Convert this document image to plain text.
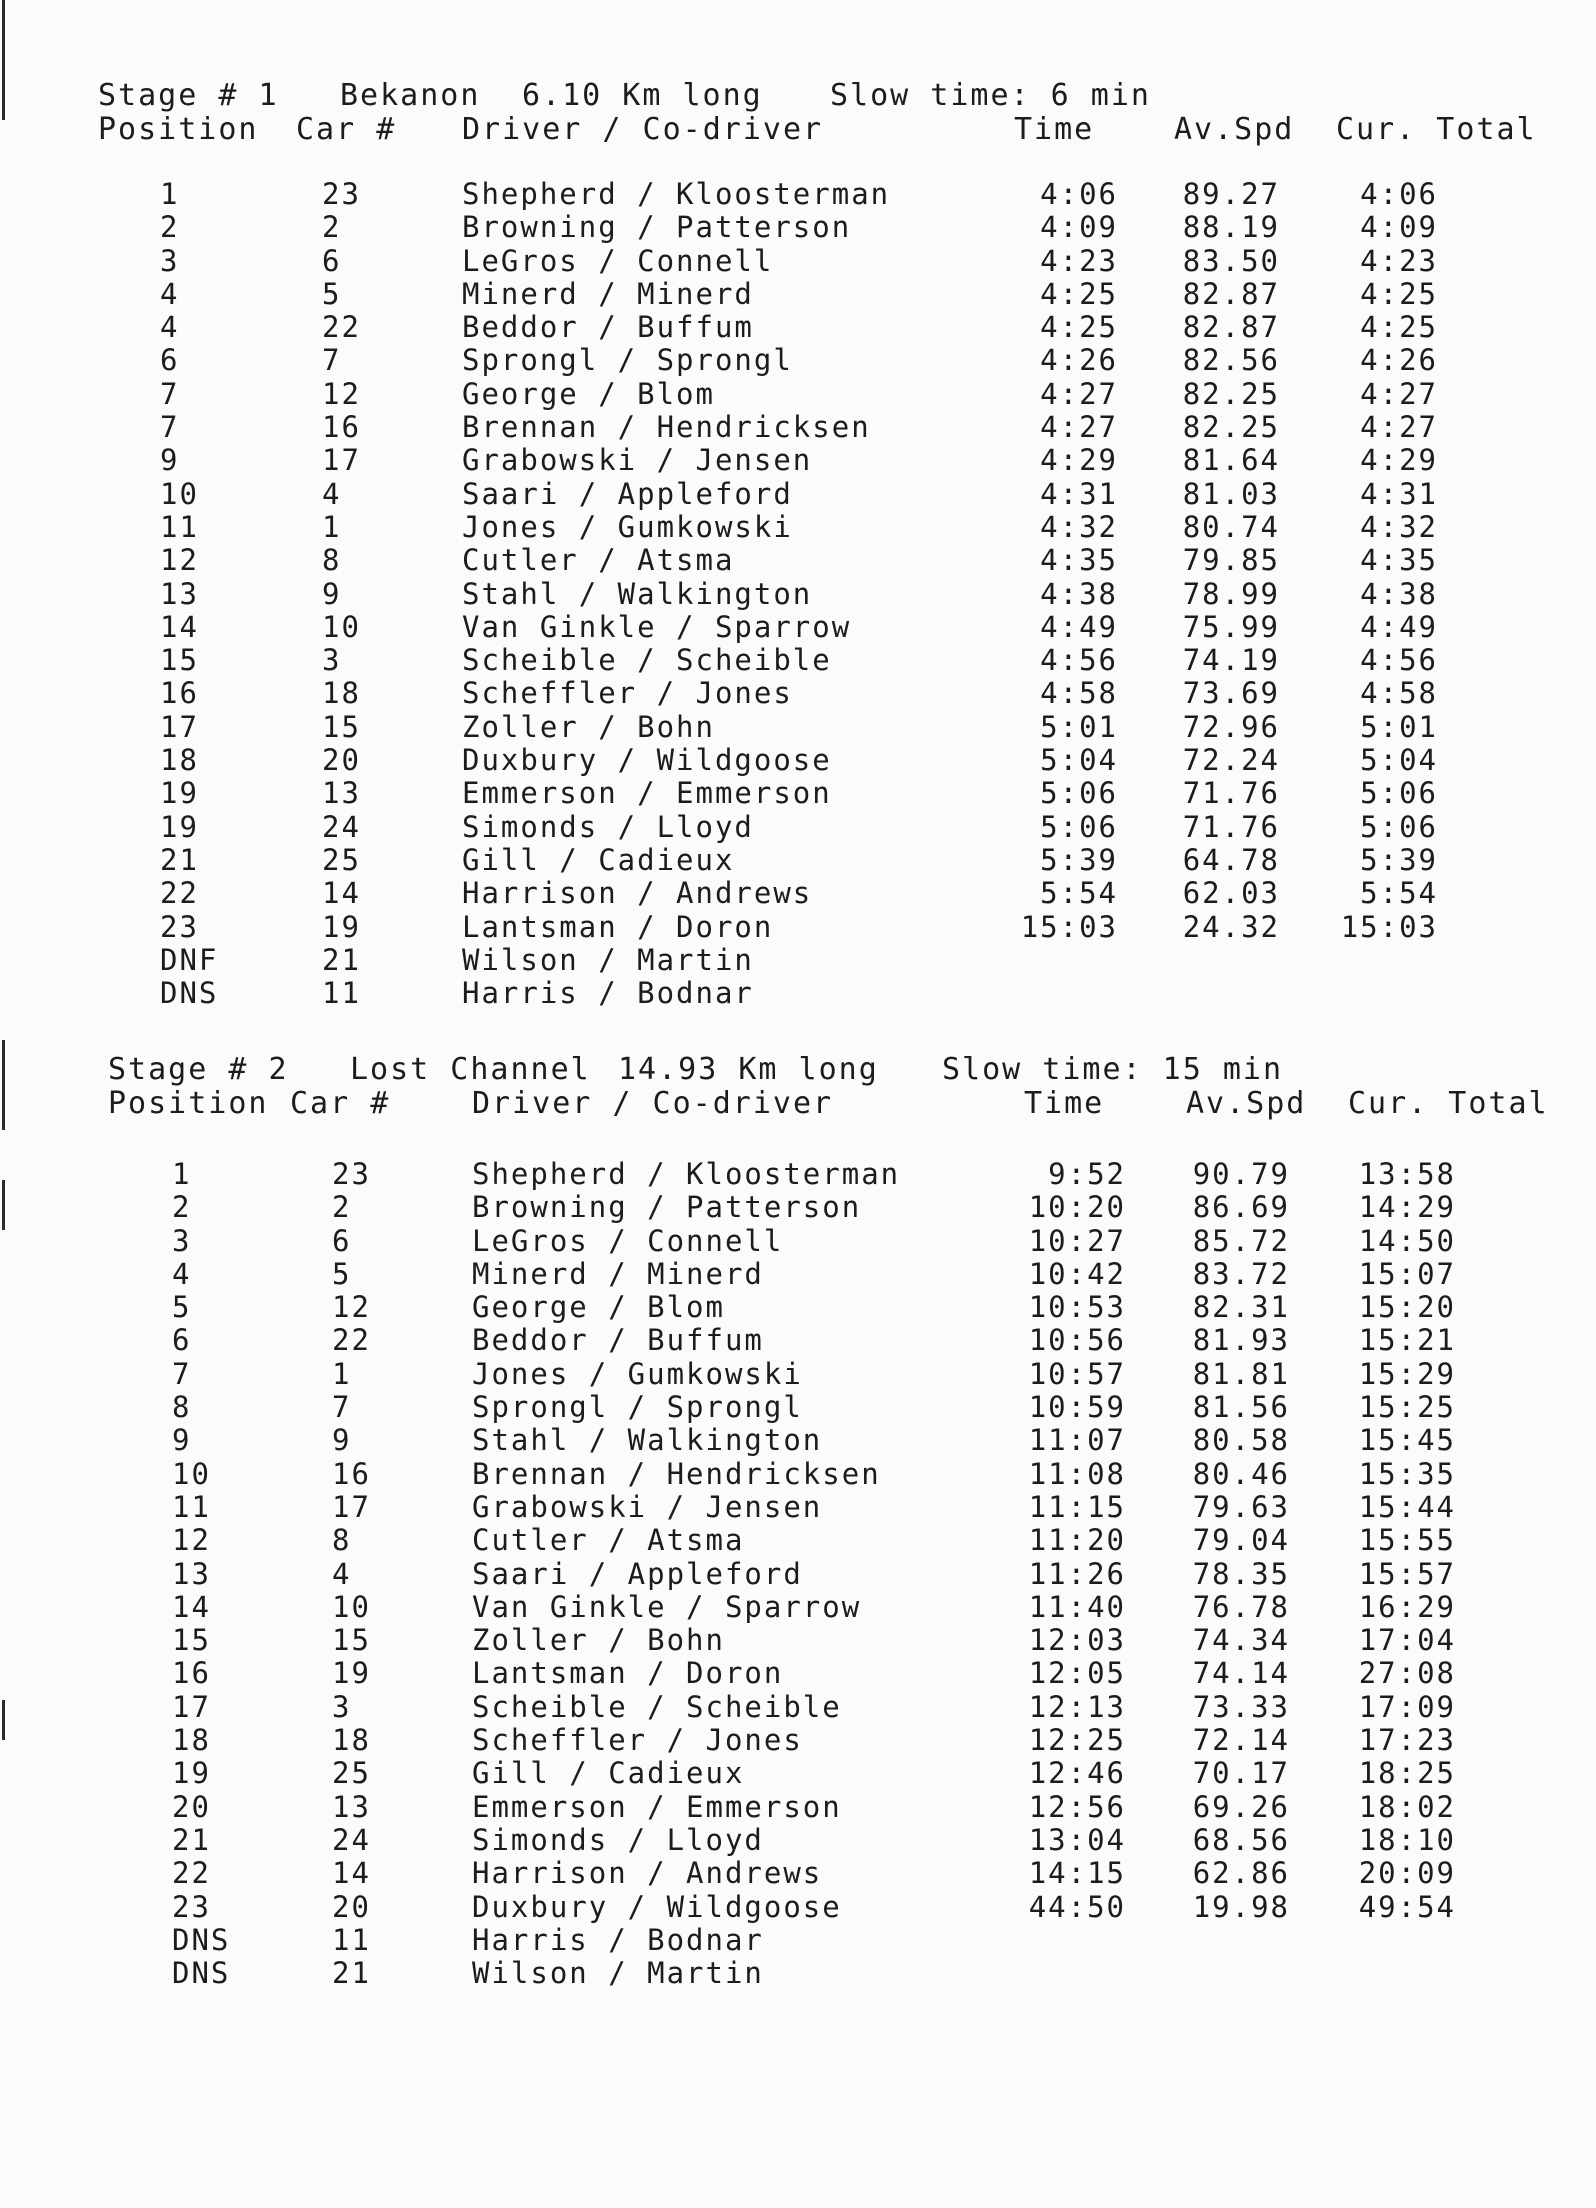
Stage # 1 Bekanon 6.10 Km long Slow time: 6 min
Position Car # Driver / Co-driver	Time	Av.Spd Cur. Total
1	23	Shepherd / Kloosterman	4:06	89.27	4:06
2	2	Browning / Patterson	4:09	88.19	4:09
3	6	LeGros / Connell	4:23	83.50	4:23
4	5	Minerd / Minerd	4:25	82.87	4:25
4	22	Beddor / Buffum	4:25	82.87	4:25
6	7	Sprongl / Sprongl	4:26	82.56	4:26
7	12	George / Blom	4:27	82.25	4:27
7	16	Brennan / Hendricksen	4:27	82.25	4:27
9	17	Grabowski / Jensen	4:29	81.64	4:29
10	4	Saari / Appleford	4:31	81.03	4:31
11	1	Jones / Gumkowski	4:32	80.74	4:32
12	8	Cutler / Atsma	4:35	79.85	4:35
13	9	Stahl / Walkington	4:38	78.99	4:38
14	10	Van Ginkle / Sparrow	4:49	75.99	4:49
15	3	Scheible / Scheible	4:56	74.19	4:56
16	18	Scheffler / Jones	4:58	73.69	4:58
17	15	Zoller / Bohn	5:01	72.96	5:01
18	20	Duxbury / Wildgoose	5:04	72.24	5:04
19	13	Emmerson / Emmerson	5:06	71.76	5:06
19	24	Simonds / Lloyd	5:06	71.76	5:06
21	25	Gill / Cadieux	5:39	64.78	5:39
22	14	Harrison / Andrews	5:54	62.03	5:54
23	19	Lantsman / Doron	15:03	24.32	15:03
DNF	21	Wilson / Martin
DNS	11	Harris / Bodnar
Stage # 2 Lost Channel 14.93 Km long Slow time: 15 min
Position Car #	Driver / Co-driver	Time	Av.Spd Cur. Total
1	23	Shepherd / Kloosterman	9:52	90.79	13:58
2	2	Browning / Patterson	10:20	86.69	14:29
3	6	LeGros / Connell	10:27	85.72	14:50
4	5	Minerd / Minerd	10:42	83.72	15:07
5	12	George / Blom	10:53	82.31	15:20
6	22	Beddor / Buffum	10:56	81.93	15:21
7	1	Jones / Gumkowski	10:57	81.81	15:29
8	7	Sprongl / Sprongl	10:59	81.56	15:25
9	9	Stahl / Walkington	11:07	80.58	15:45
10	16	Brennan / Hendricksen	11:08	80.46	15:35
11	17	Grabowski / Jensen	11:15	79.63	15:44
12	8	Cutler / Atsma	11:20	79.04	15:55
13	4	Saari / Appleford	11:26	78.35	15:57
14	10	Van Ginkle / Sparrow	11:40	76.78	16:29
15	15	Zoller / Bohn	12:03	74.34	17:04
16	19	Lantsman / Doron	12:05	74.14	27:08
17	3	Scheible / Scheible	12:13	73.33	17:09
18	18	Scheffler / Jones	12:25	72.14	17:23
19	25	Gill / Cadieux	12:46	70.17	18:25
20	13	Emmerson / Emmerson	12:56	69.26	18:02
21	24	Simonds / Lloyd	13:04	68.56	18:10
22	14	Harrison / Andrews	14:15	62.86	20:09
23	20	Duxbury / Wildgoose	44:50	19.98	49:54
DNS	11	Harris / Bodnar
DNS	21	Wilson / Martin
